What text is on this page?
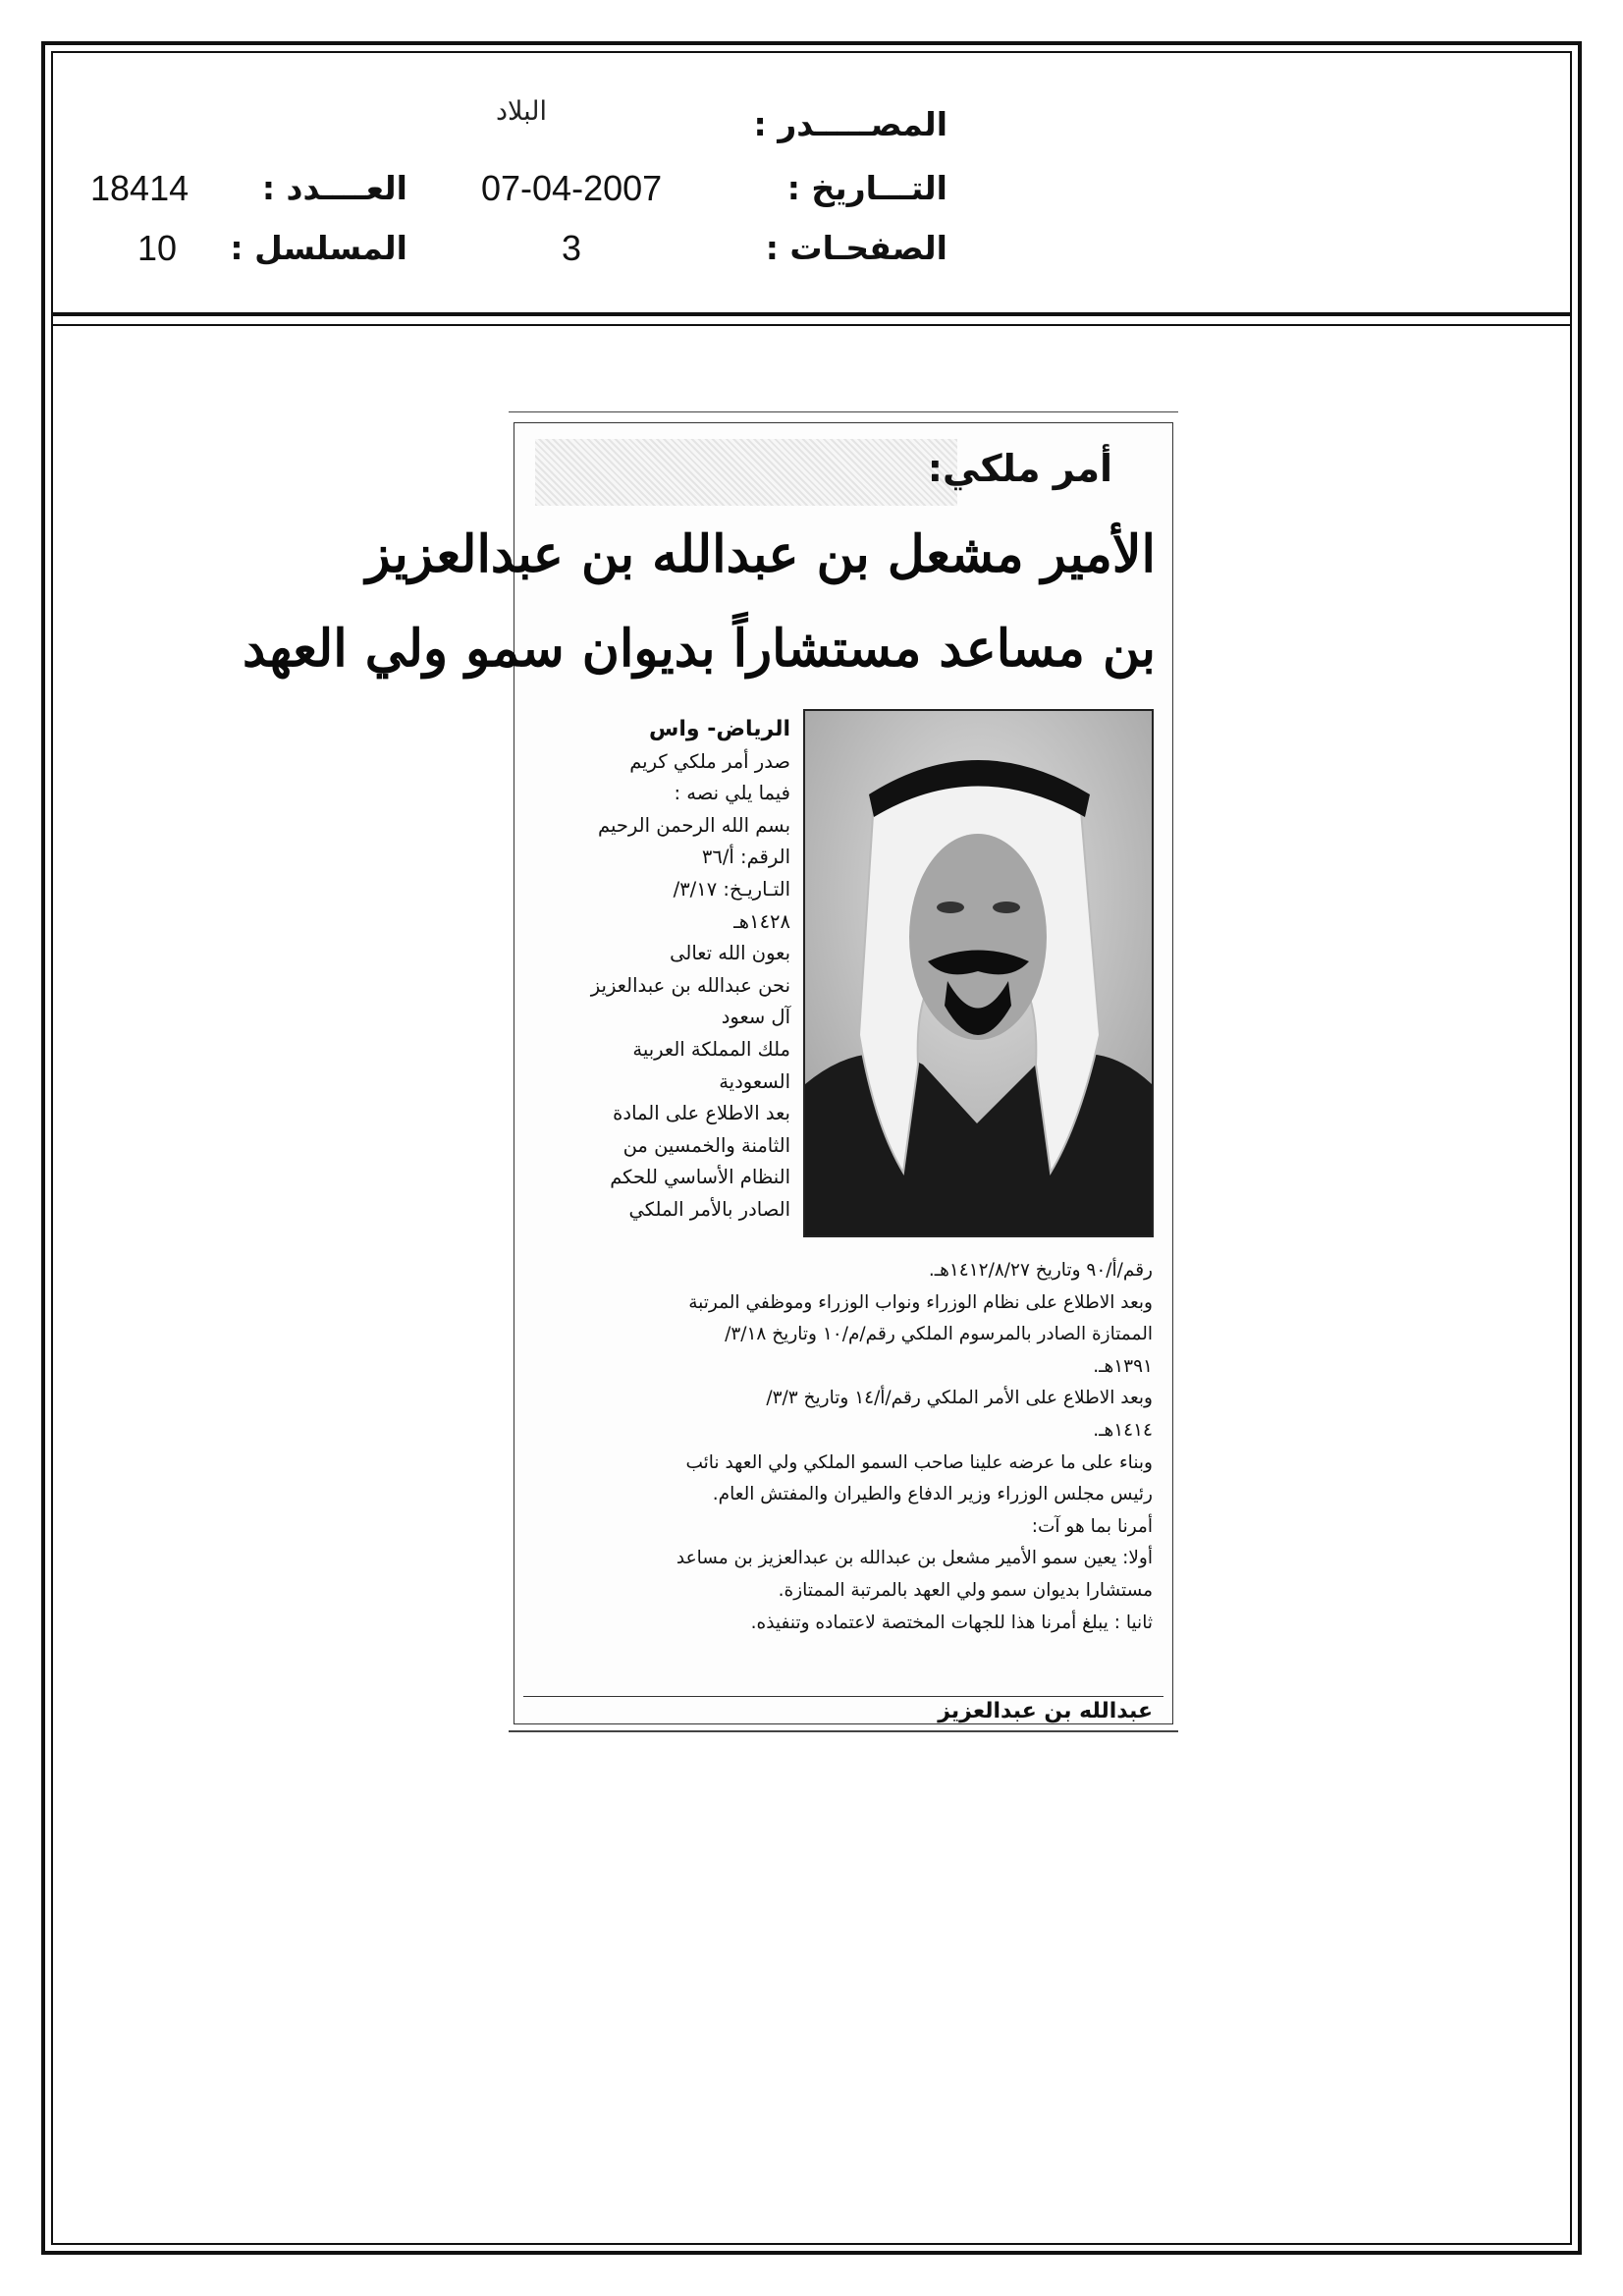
المصـــــدر :
البلاد
التـــاريخ :
07-04-2007
العــــدد :
18414
الصفحـات :
3
المسلسل :
10
أمر ملكي:
الأمير مشعل بن عبدالله بن عبدالعزيز
بن مساعد مستشاراً بديوان سمو ولي العهد
الرياض- واس
صدر أمر ملكي كريم
فيما يلي نصه :
بسم الله الرحمن الرحيم
الرقم: أ/٣٦
التـاريـخ: ٣/١٧/
١٤٢٨هـ
بعون الله تعالى
نحن عبدالله بن عبدالعزيز
آل سعود
ملك المملكة العربية
السعودية
بعد الاطلاع على المادة
الثامنة والخمسين من
النظام الأساسي للحكم
الصادر بالأمر الملكي
رقم/أ/٩٠ وتاريخ ١٤١٢/٨/٢٧هـ.
وبعد الاطلاع على نظام الوزراء ونواب الوزراء وموظفي المرتبة
الممتازة الصادر بالمرسوم الملكي رقم/م/١٠ وتاريخ ٣/١٨/
١٣٩١هـ.
وبعد الاطلاع على الأمر الملكي رقم/أ/١٤ وتاريخ ٣/٣/
١٤١٤هـ.
وبناء على ما عرضه علينا صاحب السمو الملكي ولي العهد نائب
رئيس مجلس الوزراء وزير الدفاع والطيران والمفتش العام.
أمرنا بما هو آت:
أولا: يعين سمو الأمير مشعل بن عبدالله بن عبدالعزيز بن مساعد
مستشارا بديوان سمو ولي العهد بالمرتبة الممتازة.
ثانيا : يبلغ أمرنا هذا للجهات المختصة لاعتماده وتنفيذه.
عبدالله بن عبدالعزيز
